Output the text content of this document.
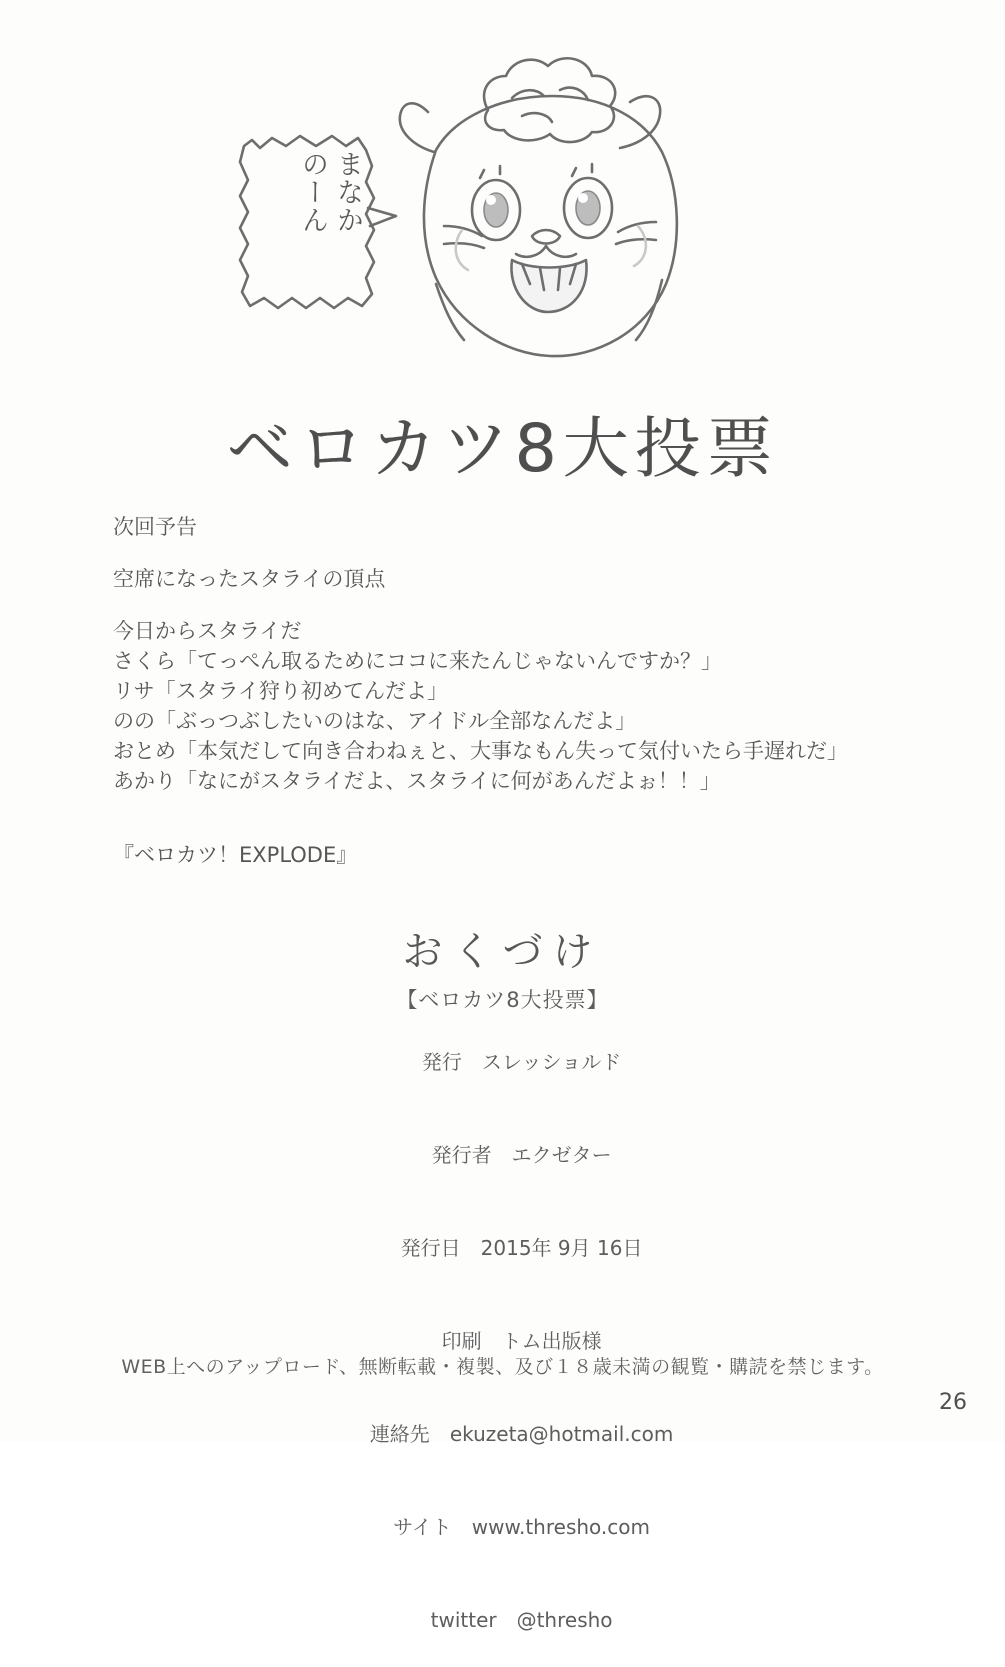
まなか
のーん
ベロカツ8大投票

次回予告

空席になったスタライの頂点

今日からスタライだ

さくら「てっぺん取るためにココに来たんじゃないんですか？」

リサ「スタライ狩り初めてんだよ」

のの「ぶっつぶしたいのはな、アイドル全部なんだよ」

おとめ「本気だして向き合わねぇと、大事なもん失って気付いたら手遅れだ」

あかり「なにがスタライだよ、スタライに何があんだよぉ！！」

『ベロカツ！EXPLODE』

おくづけ
【ベロカツ8大投票】

発行　 スレッショルド

発行者　 エクゼター

発行日　 2015年 9月 16日

印刷　 トム出版様

連絡先　 ekuzeta@hotmail.com

サイト　 www.thresho.com

twitter　 @thresho

WEB上へのアップロード、無断転載・複製、及び１８歳未満の観覧・購読を禁じます。
26
